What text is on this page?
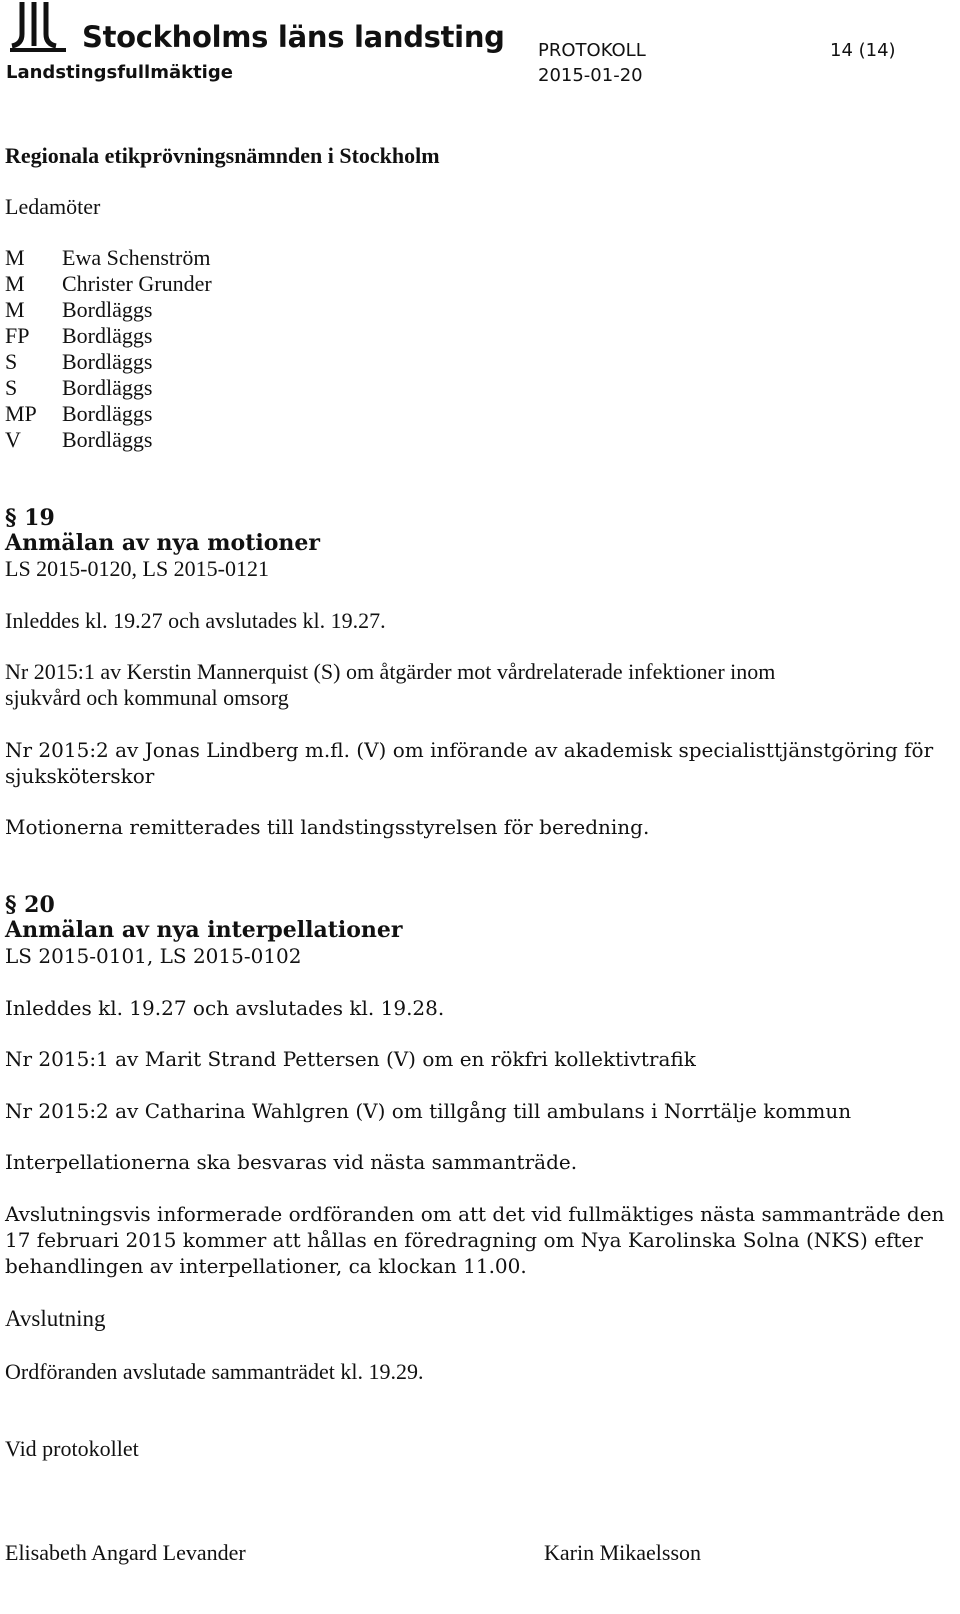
Stockholms läns landsting
Landstingsfullmäktige
PROTOKOLL
2015-01-20
14 (14)
Regionala etikprövningsnämnden i Stockholm
Ledamöter
M Ewa Schenström
M Christer Grunder
M Bordläggs
FP Bordläggs
S Bordläggs
S Bordläggs
MP Bordläggs
V Bordläggs
§ 19
Anmälan av nya motioner
LS 2015-0120, LS 2015-0121
Inleddes kl. 19.27 och avslutades kl. 19.27.
Nr 2015:1 av Kerstin Mannerquist (S) om åtgärder mot vårdrelaterade infektioner inom
sjukvård och kommunal omsorg
Nr 2015:2 av Jonas Lindberg m.fl. (V) om införande av akademisk specialisttjänstgöring för
sjuksköterskor
Motionerna remitterades till landstingsstyrelsen för beredning.
§ 20
Anmälan av nya interpellationer
LS 2015-0101, LS 2015-0102
Inleddes kl. 19.27 och avslutades kl. 19.28.
Nr 2015:1 av Marit Strand Pettersen (V) om en rökfri kollektivtrafik
Nr 2015:2 av Catharina Wahlgren (V) om tillgång till ambulans i Norrtälje kommun
Interpellationerna ska besvaras vid nästa sammanträde.
Avslutningsvis informerade ordföranden om att det vid fullmäktiges nästa sammanträde den
17 februari 2015 kommer att hållas en föredragning om Nya Karolinska Solna (NKS) efter
behandlingen av interpellationer, ca klockan 11.00.
Avslutning
Ordföranden avslutade sammanträdet kl. 19.29.
Vid protokollet
Elisabeth Angard Levander	Karin Mikaelsson
